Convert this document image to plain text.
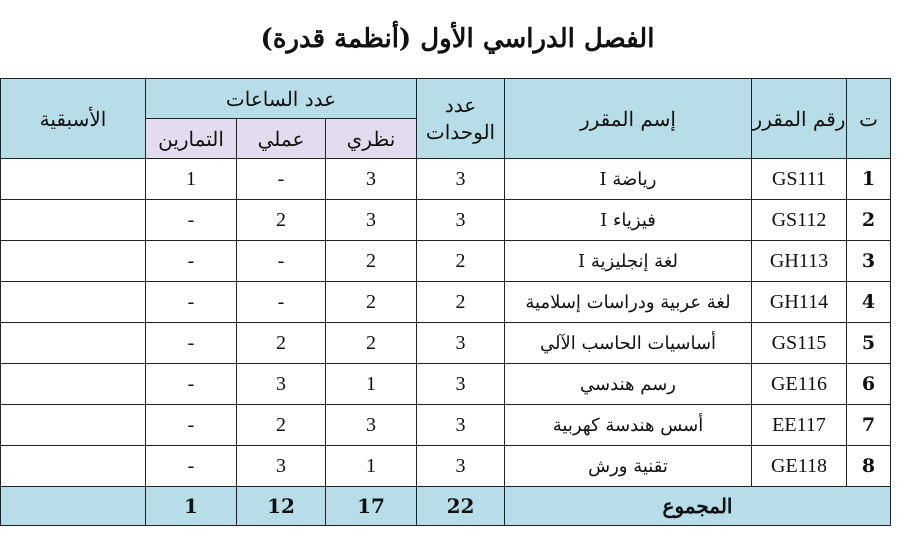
الفصل الدراسي الأول (أنظمة قدرة)
ت	رقم المقرر	إسم المقرر	عدد الوحدات	عدد الساعات			الأسبقية
				نظري	عملي	التمارين	
1	GS111	رياضة I	3	3	-	1	
2	GS112	فيزياء I	3	3	2	-	
3	GH113	لغة إنجليزية I	2	2	-	-	
4	GH114	لغة عربية ودراسات إسلامية	2	2	-	-	
5	GS115	أساسيات الحاسب الآلي	3	2	2	-	
6	GE116	رسم هندسي	3	1	3	-	
7	EE117	أسس هندسة كهربية	3	3	2	-	
8	GE118	تقنية ورش	3	1	3	-	
المجموع			22	17	12	1	
